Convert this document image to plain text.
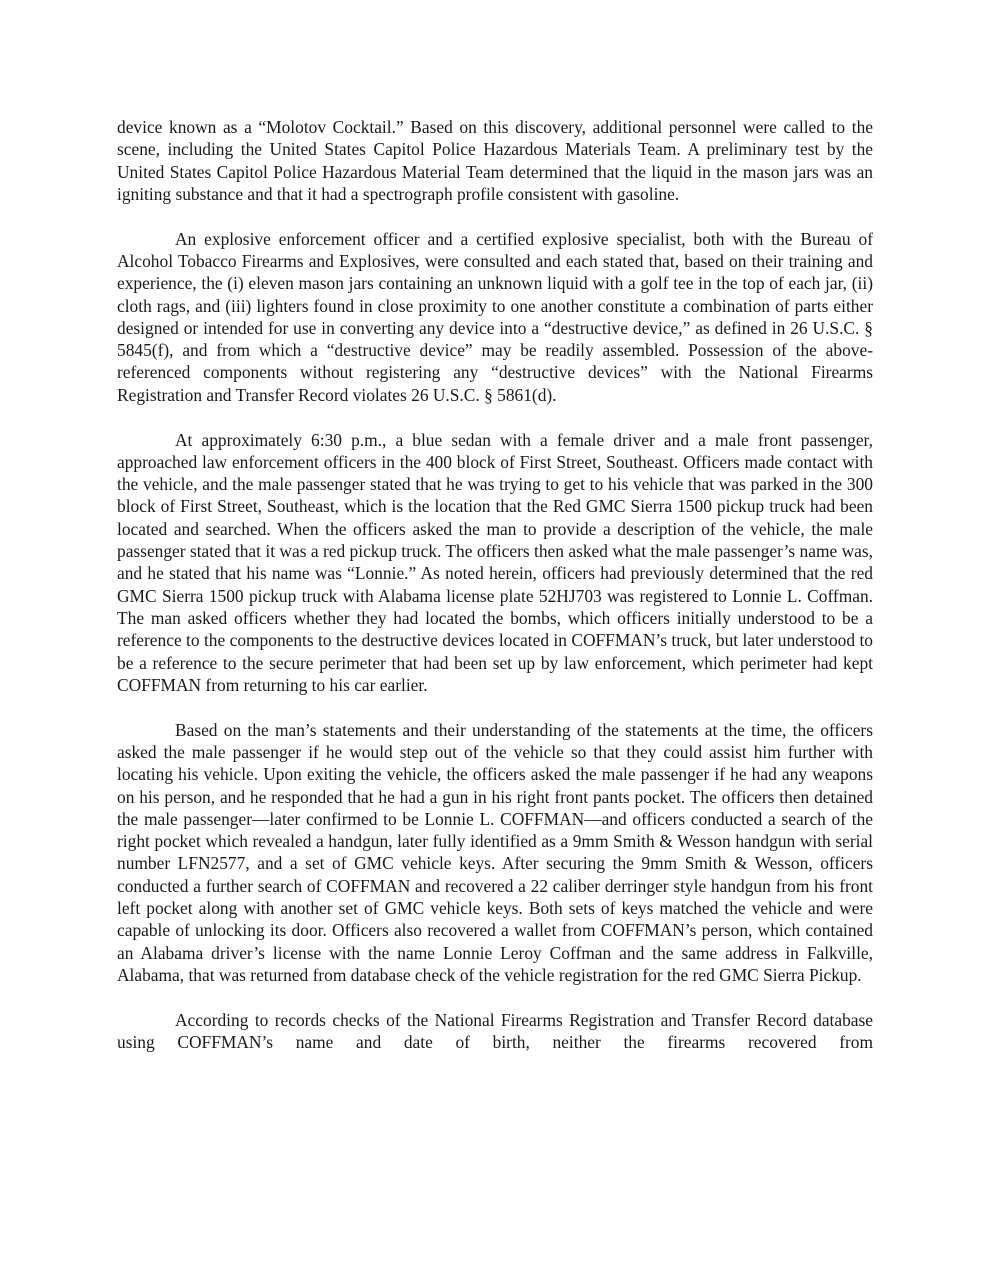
device known as a “Molotov Cocktail.” Based on this discovery, additional personnel were called to the scene, including the United States Capitol Police Hazardous Materials Team. A preliminary test by the United States Capitol Police Hazardous Material Team determined that the liquid in the mason jars was an igniting substance and that it had a spectrograph profile consistent with gasoline.

An explosive enforcement officer and a certified explosive specialist, both with the Bureau of Alcohol Tobacco Firearms and Explosives, were consulted and each stated that, based on their training and experience, the (i) eleven mason jars containing an unknown liquid with a golf tee in the top of each jar, (ii) cloth rags, and (iii) lighters found in close proximity to one another constitute a combination of parts either designed or intended for use in converting any device into a “destructive device,” as defined in 26 U.S.C. § 5845(f), and from which a “destructive device” may be readily assembled. Possession of the above-referenced components without registering any “destructive devices” with the National Firearms Registration and Transfer Record violates 26 U.S.C. § 5861(d).

At approximately 6:30 p.m., a blue sedan with a female driver and a male front passenger, approached law enforcement officers in the 400 block of First Street, Southeast. Officers made contact with the vehicle, and the male passenger stated that he was trying to get to his vehicle that was parked in the 300 block of First Street, Southeast, which is the location that the Red GMC Sierra 1500 pickup truck had been located and searched. When the officers asked the man to provide a description of the vehicle, the male passenger stated that it was a red pickup truck. The officers then asked what the male passenger’s name was, and he stated that his name was “Lonnie.” As noted herein, officers had previously determined that the red GMC Sierra 1500 pickup truck with Alabama license plate 52HJ703 was registered to Lonnie L. Coffman. The man asked officers whether they had located the bombs, which officers initially understood to be a reference to the components to the destructive devices located in COFFMAN’s truck, but later understood to be a reference to the secure perimeter that had been set up by law enforcement, which perimeter had kept COFFMAN from returning to his car earlier.

Based on the man’s statements and their understanding of the statements at the time, the officers asked the male passenger if he would step out of the vehicle so that they could assist him further with locating his vehicle. Upon exiting the vehicle, the officers asked the male passenger if he had any weapons on his person, and he responded that he had a gun in his right front pants pocket. The officers then detained the male passenger—later confirmed to be Lonnie L. COFFMAN—and officers conducted a search of the right pocket which revealed a handgun, later fully identified as a 9mm Smith & Wesson handgun with serial number LFN2577, and a set of GMC vehicle keys. After securing the 9mm Smith & Wesson, officers conducted a further search of COFFMAN and recovered a 22 caliber derringer style handgun from his front left pocket along with another set of GMC vehicle keys. Both sets of keys matched the vehicle and were capable of unlocking its door. Officers also recovered a wallet from COFFMAN’s person, which contained an Alabama driver’s license with the name Lonnie Leroy Coffman and the same address in Falkville, Alabama, that was returned from database check of the vehicle registration for the red GMC Sierra Pickup.

According to records checks of the National Firearms Registration and Transfer Record database using COFFMAN’s name and date of birth, neither the firearms recovered from
